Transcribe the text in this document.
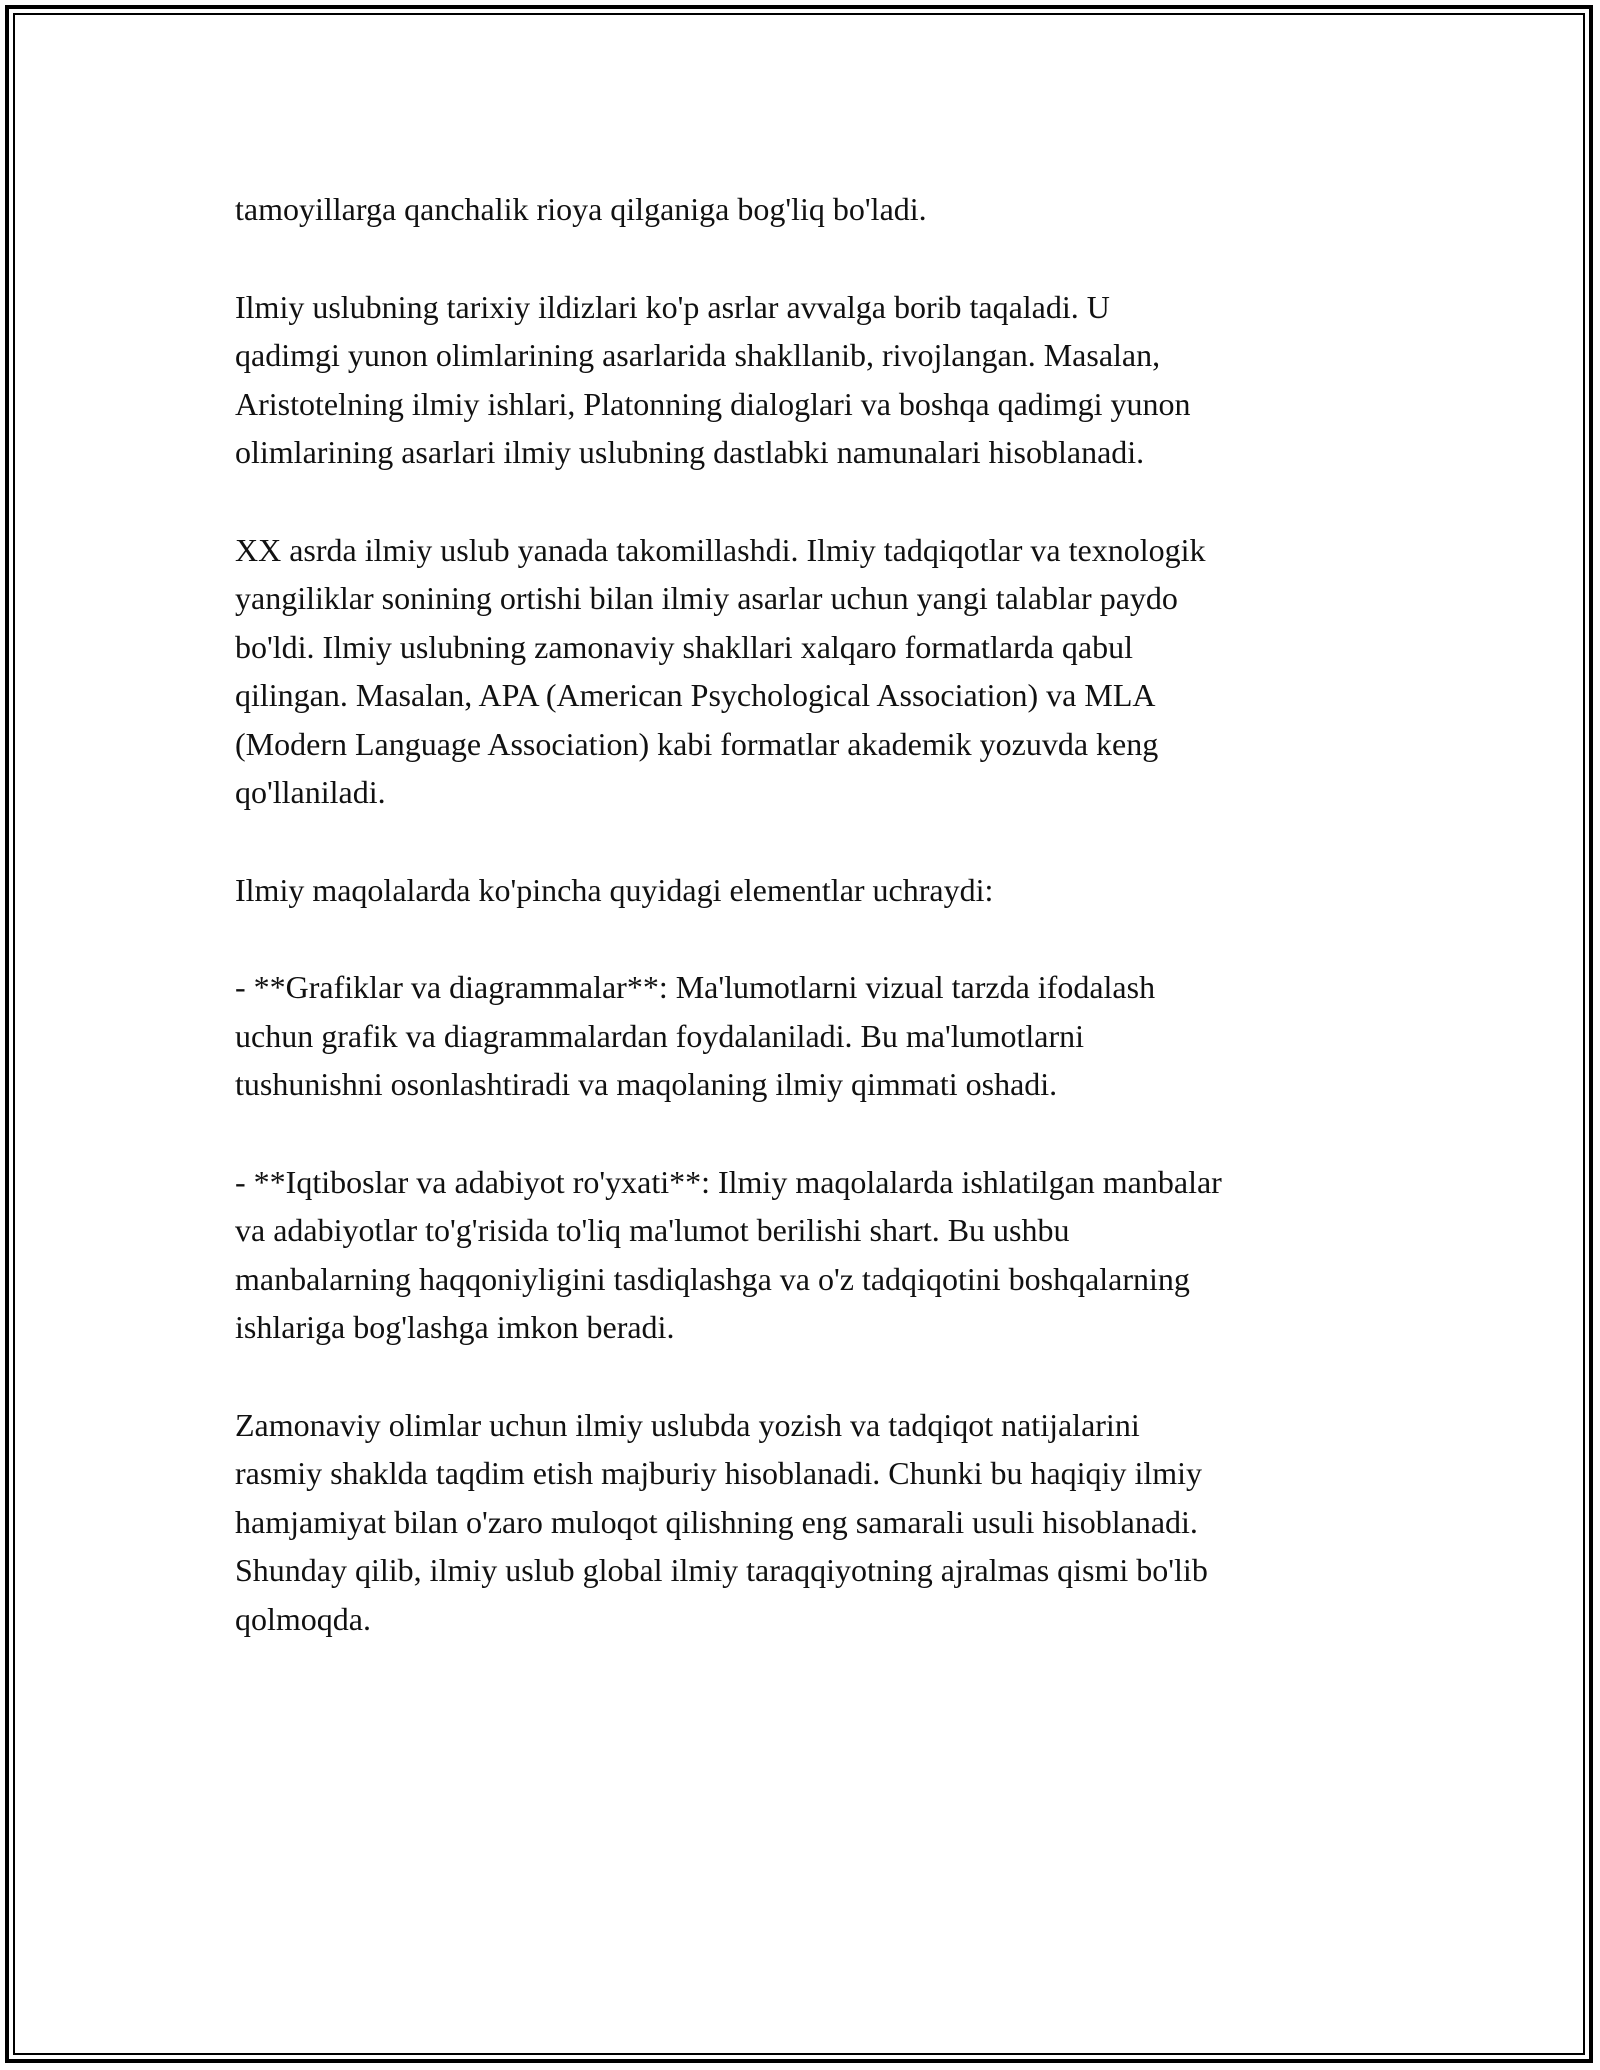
tamoyillarga qanchalik rioya qilganiga bog'liq bo'ladi.

Ilmiy uslubning tarixiy ildizlari ko'p asrlar avvalga borib taqaladi. U
qadimgi yunon olimlarining asarlarida shakllanib, rivojlangan. Masalan,
Aristotelning ilmiy ishlari, Platonning dialoglari va boshqa qadimgi yunon
olimlarining asarlari ilmiy uslubning dastlabki namunalari hisoblanadi.

XX asrda ilmiy uslub yanada takomillashdi. Ilmiy tadqiqotlar va texnologik
yangiliklar sonining ortishi bilan ilmiy asarlar uchun yangi talablar paydo
bo'ldi. Ilmiy uslubning zamonaviy shakllari xalqaro formatlarda qabul
qilingan. Masalan, APA (American Psychological Association) va MLA
(Modern Language Association) kabi formatlar akademik yozuvda keng
qo'llaniladi.

Ilmiy maqolalarda ko'pincha quyidagi elementlar uchraydi:

- **Grafiklar va diagrammalar**: Ma'lumotlarni vizual tarzda ifodalash
uchun grafik va diagrammalardan foydalaniladi. Bu ma'lumotlarni
tushunishni osonlashtiradi va maqolaning ilmiy qimmati oshadi.

- **Iqtiboslar va adabiyot ro'yxati**: Ilmiy maqolalarda ishlatilgan manbalar
va adabiyotlar to'g'risida to'liq ma'lumot berilishi shart. Bu ushbu
manbalarning haqqoniyligini tasdiqlashga va o'z tadqiqotini boshqalarning
ishlariga bog'lashga imkon beradi.

Zamonaviy olimlar uchun ilmiy uslubda yozish va tadqiqot natijalarini
rasmiy shaklda taqdim etish majburiy hisoblanadi. Chunki bu haqiqiy ilmiy
hamjamiyat bilan o'zaro muloqot qilishning eng samarali usuli hisoblanadi.
Shunday qilib, ilmiy uslub global ilmiy taraqqiyotning ajralmas qismi bo'lib
qolmoqda.
